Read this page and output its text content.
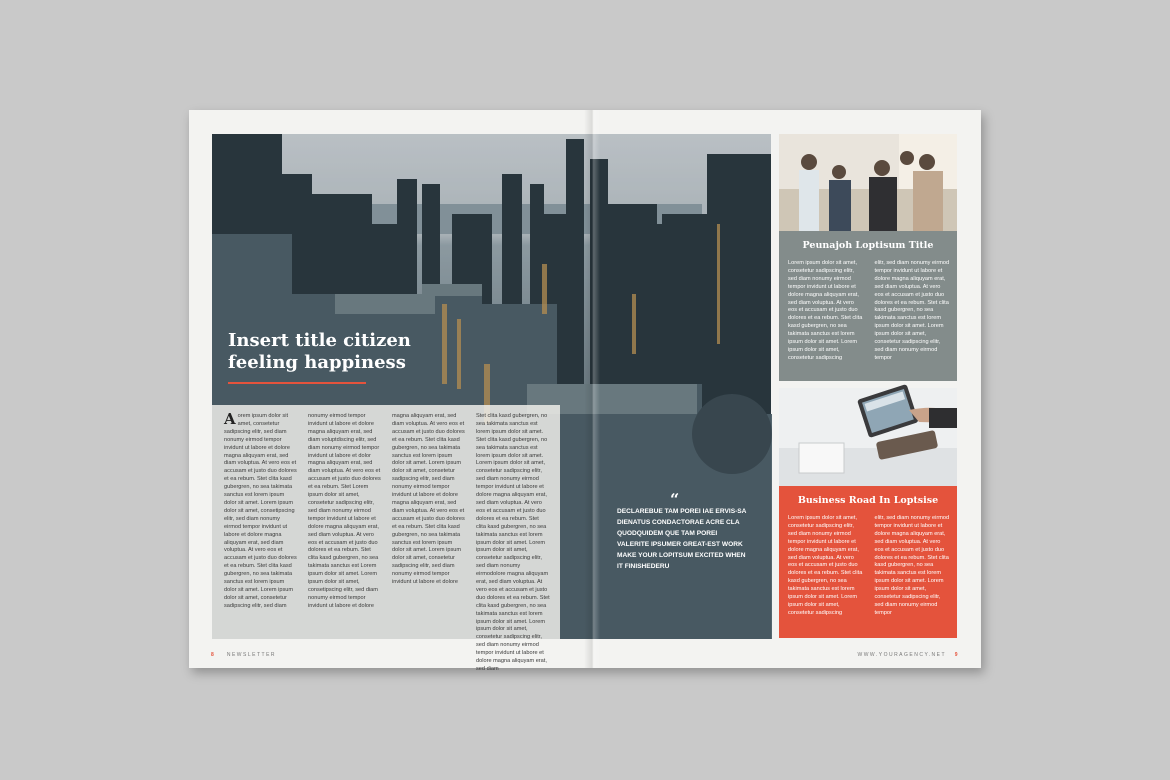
Insert title citizen feeling happiness
Aorem ipsum dolor sit amet, consetetur sadipscing elitr, sed diam nonumy eirmod tempor invidunt ut labore et dolore magna aliquyam erat, sed diam voluptua. At vero eos et accusam et justo duo dolores et ea rebum. Stet clita kasd gubergren, no sea takimata sanctus est lorem ipsum dolor sit amet. Lorem ipsum dolor sit amet, consetipscing elitr, sed diam nonumy eirmod tempor invidunt ut labore et dolore magna aliquyam erat, sed diam voluptua. At vero eos et accusam et justo duo dolores et ea rebum. Stet clita kasd gubergren, no sea takimata sanctus est lorem ipsum dolor sit amet. Lorem ipsum dolor sit amet, consetetur sadipscing elitr, sed diam
nonumy eirmod tempor invidunt ut labore et dolore magna aliquyam erat, sed diam voluptdiscing elitr, sed diam nonumy eirmod tempor invidunt ut labore et dolor magna aliquyam erat, sed diam voluptua. At vero eos et accusam et justo duo dolores et ea rebum. Stet Lorem ipsum dolor sit amet, consetetur sadipscing elitr, sed diam nonumy eirmod tempor invidunt ut labore et dolore magna aliquyam erat, sed diam voluptua. At vero eos et accusam et justo duo dolores et ea rebum. Stet clita kasd gubergren, no sea takimata sanctus est Lorem ipsum dolor sit amet. Lorem ipsum dolor sit amet, consetipscing elitr, sed diam nonumy eirmod tempor invidunt ut labore et dolore
magna aliquyam erat, sed diam voluptua. At vero eos et accusam et justo duo dolores et ea rebum. Stet clita kasd gubergren, no sea takimata sanctus est lorem ipsum dolor sit amet. Lorem ipsum dolor sit amet, consetetur sadipscing elitr, sed diam nonumy eirmod tempor invidunt ut labore et dolore magna aliquyam erat, sed diam voluptua. At vero eos et accusam et justo duo dolores et ea rebum. Stet clita kasd gubergren, no sea takimata sanctus est lorem ipsum dolor sit amet. Lorem ipsum dolor sit amet, consetetur sadipscing elitr, sed diam nonumy eirmod tempor invidunt ut labore et dolore
Stet clita kasd gubergren, no sea takimata sanctus est lorem ipsum dolor sit amet. Stet clita kasd gubergren, no sea takimata sanctus est lorem ipsum dolor sit amet. Lorem ipsum dolor sit amet, consetetur sadipscing elitr, sed diam nonumy eirmod tempor invidunt ut labore et dolore magna aliquyam erat, sed diam voluptua. At vero eos et accusam et justo duo dolores et ea rebum. Stet clita kasd gubergren, no sea takimata sanctus est lorem ipsum dolor sit amet. Lorem ipsum dolor sit amet, consetetur sadipscing elitr, sed diam nonumy eirmodolore magna aliquyam erat, sed diam voluptua. At vero eos et accusam et justo duo dolores et ea rebum. Stet clita kasd gubergren, no sea takimata sanctus est lorem ipsum dolor sit amet. Lorem ipsum dolor sit amet, consetetur sadipscing elitr, sed diam nonumy eirmod tempor invidunt ut labore et dolore magna aliquyam erat, sed diam
“
DECLAREBUE TAM POREI IAE ERVIS-SA DIENATUS CONDACTORAE ACRE CLA QUODQUIDEM QUE TAM POREI VALERITE IPSUMER GREAT-EST WORK MAKE YOUR LOPITSUM EXCITED WHEN IT FINISHEDERU
Peunajoh Loptisum Title
Lorem ipsum dolor sit amet, consetetur sadipscing elitr, sed diam nonumy eirmod tempor invidunt ut labore et dolore magna aliquyam erat, sed diam voluptua. At vero eos et accusam et justo duo dolores et ea rebum. Stet clita kasd gubergren, no sea takimata sanctus est lorem ipsum dolor sit amet. Lorem ipsum dolor sit amet, consetetur sadipscing
elitr, sed diam nonumy eirmod tempor invidunt ut labore et dolore magna aliquyam erat, sed diam voluptua. At vero eos et accusam et justo duo dolores et ea rebum. Stet clita kasd gubergren, no sea takimata sanctus est lorem ipsum dolor sit amet. Lorem ipsum dolor sit amet, consetetur sadipscing elitr, sed diam nonumy eirmod tempor
Business Road In Loptsise
Lorem ipsum dolor sit amet, consetetur sadipscing elitr, sed diam nonumy eirmod tempor invidunt ut labore et dolore magna aliquyam erat, sed diam voluptua. At vero eos et accusam et justo duo dolores et ea rebum. Stet clita kasd gubergren, no sea takimata sanctus est lorem ipsum dolor sit amet. Lorem ipsum dolor sit amet, consetetur sadipscing
elitr, sed diam nonumy eirmod tempor invidunt ut labore et dolore magna aliquyam erat, sed diam voluptua. At vero eos et accusam et justo duo dolores et ea rebum. Stet clita kasd gubergren, no sea takimata sanctus est lorem ipsum dolor sit amet. Lorem ipsum dolor sit amet, consetetur sadipscing elitr, sed diam nonumy eirmod tempor
8 NEWSLETTER	WWW.YOURAGENCY.NET 9
